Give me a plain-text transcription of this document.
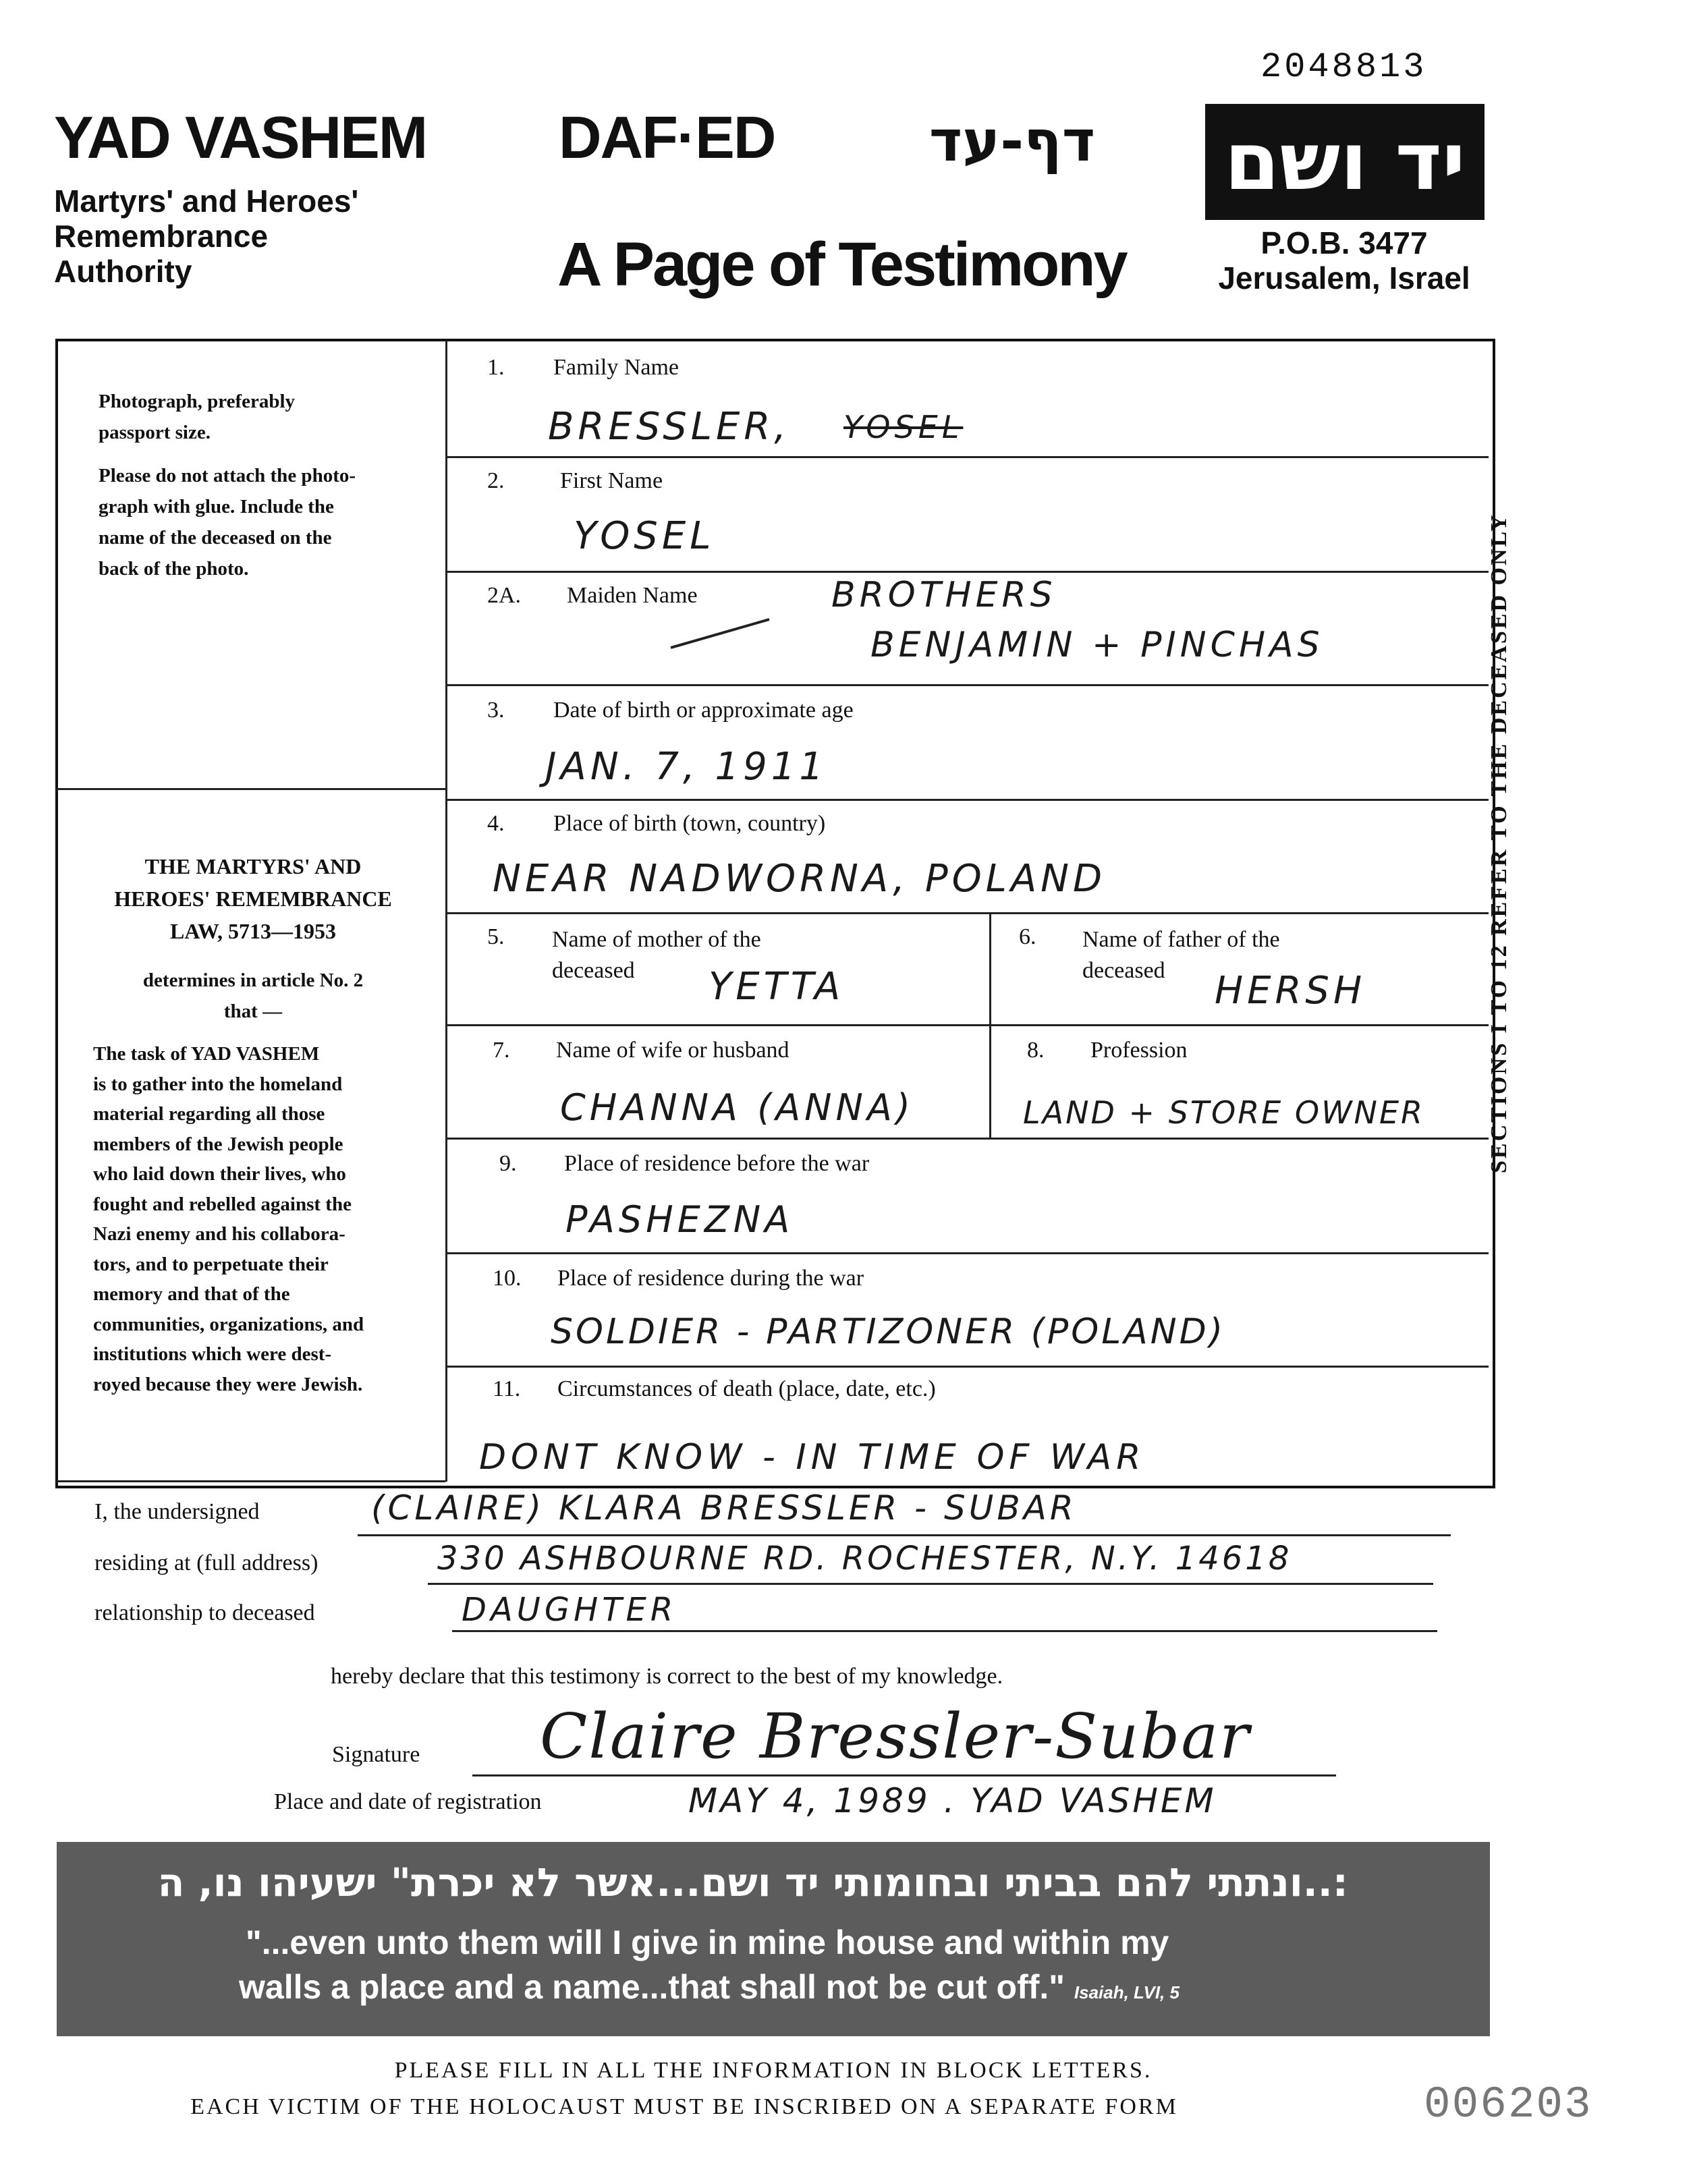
2048813
YAD VASHEM
Martyrs' and Heroes'
Remembrance
Authority
DAF·ED	דף-עד
A Page of Testimony
יד ושם
P.O.B. 3477
Jerusalem, Israel
Photograph, preferably
passport size.
Please do not attach the photo-
graph with glue. Include the
name of the deceased on the
back of the photo.
THE MARTYRS' AND
HEROES' REMEMBRANCE
LAW, 5713—1953
determines in article No. 2
that —
The task of YAD VASHEM
is to gather into the homeland
material regarding all those
members of the Jewish people
who laid down their lives, who
fought and rebelled against the
Nazi enemy and his collabora-
tors, and to perpetuate their
memory and that of the
communities, organizations, and
institutions which were dest-
royed because they were Jewish.
1. Family Name
BRESSLER, YOSEL
2. First Name
YOSEL
2A. Maiden Name	BROTHERS
BENJAMIN + PINCHAS
3. Date of birth or approximate age
JAN. 7, 1911
4. Place of birth (town, country)
NEAR NADWORNA, POLAND
5. Name of mother of the
deceased	YETTA
6. Name of father of the
deceased	HERSH
7. Name of wife or husband
CHANNA (ANNA)
8. Profession
LAND + STORE OWNER
9. Place of residence before the war
PASHEZNA
10. Place of residence during the war
SOLDIER - PARTIZONER (POLAND)
11. Circumstances of death (place, date, etc.)
DONT KNOW - IN TIME OF WAR
SECTIONS I TO 12 REFER TO THE DECEASED ONLY
I, the undersigned	(CLAIRE) KLARA BRESSLER - SUBAR
residing at (full address)	330 ASHBOURNE RD. ROCHESTER, N.Y. 14618
relationship to deceased	DAUGHTER
hereby declare that this testimony is correct to the best of my knowledge.
Signature Claire Bressler-Subar
Place and date of registration	MAY 4, 1989 . YAD VASHEM
:..ונתתי להם בביתי ובחומותי יד ושם...אשר לא יכרת" ישעיהו נו, ה
"...even unto them will I give in mine house and within my
walls a place and a name...that shall not be cut off." Isaiah, LVI, 5
PLEASE FILL IN ALL THE INFORMATION IN BLOCK LETTERS.
EACH VICTIM OF THE HOLOCAUST MUST BE INSCRIBED ON A SEPARATE FORM	006203
